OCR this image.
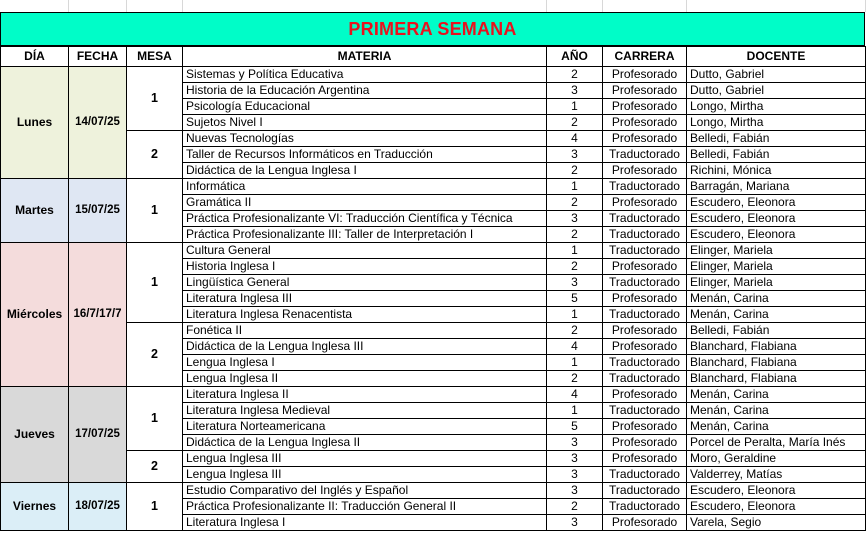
PRIMERA SEMANA
DÍA	FECHA	MESA	MATERIA	AÑO	CARRERA	DOCENTE
Lunes	14/07/25	1	Sistemas y Política Educativa	2	Profesorado	Dutto, Gabriel
			Historia de la Educación Argentina	3	Profesorado	Dutto, Gabriel
			Psicología Educacional	1	Profesorado	Longo, Mirtha
			Sujetos Nivel I	2	Profesorado	Longo, Mirtha
		2	Nuevas Tecnologías	4	Profesorado	Belledi, Fabián
			Taller de Recursos Informáticos en Traducción	3	Traductorado	Belledi, Fabián
			Didáctica de la Lengua Inglesa I	2	Profesorado	Richini, Mónica
Martes	15/07/25	1	Informática	1	Traductorado	Barragán, Mariana
			Gramática II	2	Profesorado	Escudero, Eleonora
			Práctica Profesionalizante VI: Traducción Científica y Técnica	3	Traductorado	Escudero, Eleonora
			Práctica Profesionalizante III: Taller de Interpretación I	2	Traductorado	Escudero, Eleonora
Miércoles	16/7/17/7	1	Cultura General	1	Traductorado	Elinger, Mariela
			Historia Inglesa I	2	Profesorado	Elinger, Mariela
			Lingüística General	3	Traductorado	Elinger, Mariela
			Literatura Inglesa III	5	Profesorado	Menán, Carina
			Literatura Inglesa Renacentista	1	Traductorado	Menán, Carina
		2	Fonética II	2	Profesorado	Belledi, Fabián
			Didáctica de la Lengua Inglesa III	4	Profesorado	Blanchard, Flabiana
			Lengua Inglesa I	1	Traductorado	Blanchard, Flabiana
			Lengua Inglesa II	2	Traductorado	Blanchard, Flabiana
Jueves	17/07/25	1	Literatura Inglesa II	4	Profesorado	Menán, Carina
			Literatura Inglesa Medieval	1	Traductorado	Menán, Carina
			Literatura Norteamericana	5	Profesorado	Menán, Carina
			Didáctica de la Lengua Inglesa II	3	Profesorado	Porcel de Peralta, María Inés
		2	Lengua Inglesa III	3	Profesorado	Moro, Geraldine
			Lengua Inglesa III	3	Traductorado	Valderrey, Matías
Viernes	18/07/25	1	Estudio Comparativo del Inglés y Español	3	Traductorado	Escudero, Eleonora
			Práctica Profesionalizante II: Traducción General II	2	Traductorado	Escudero, Eleonora
			Literatura Inglesa I	3	Profesorado	Varela, Segio
